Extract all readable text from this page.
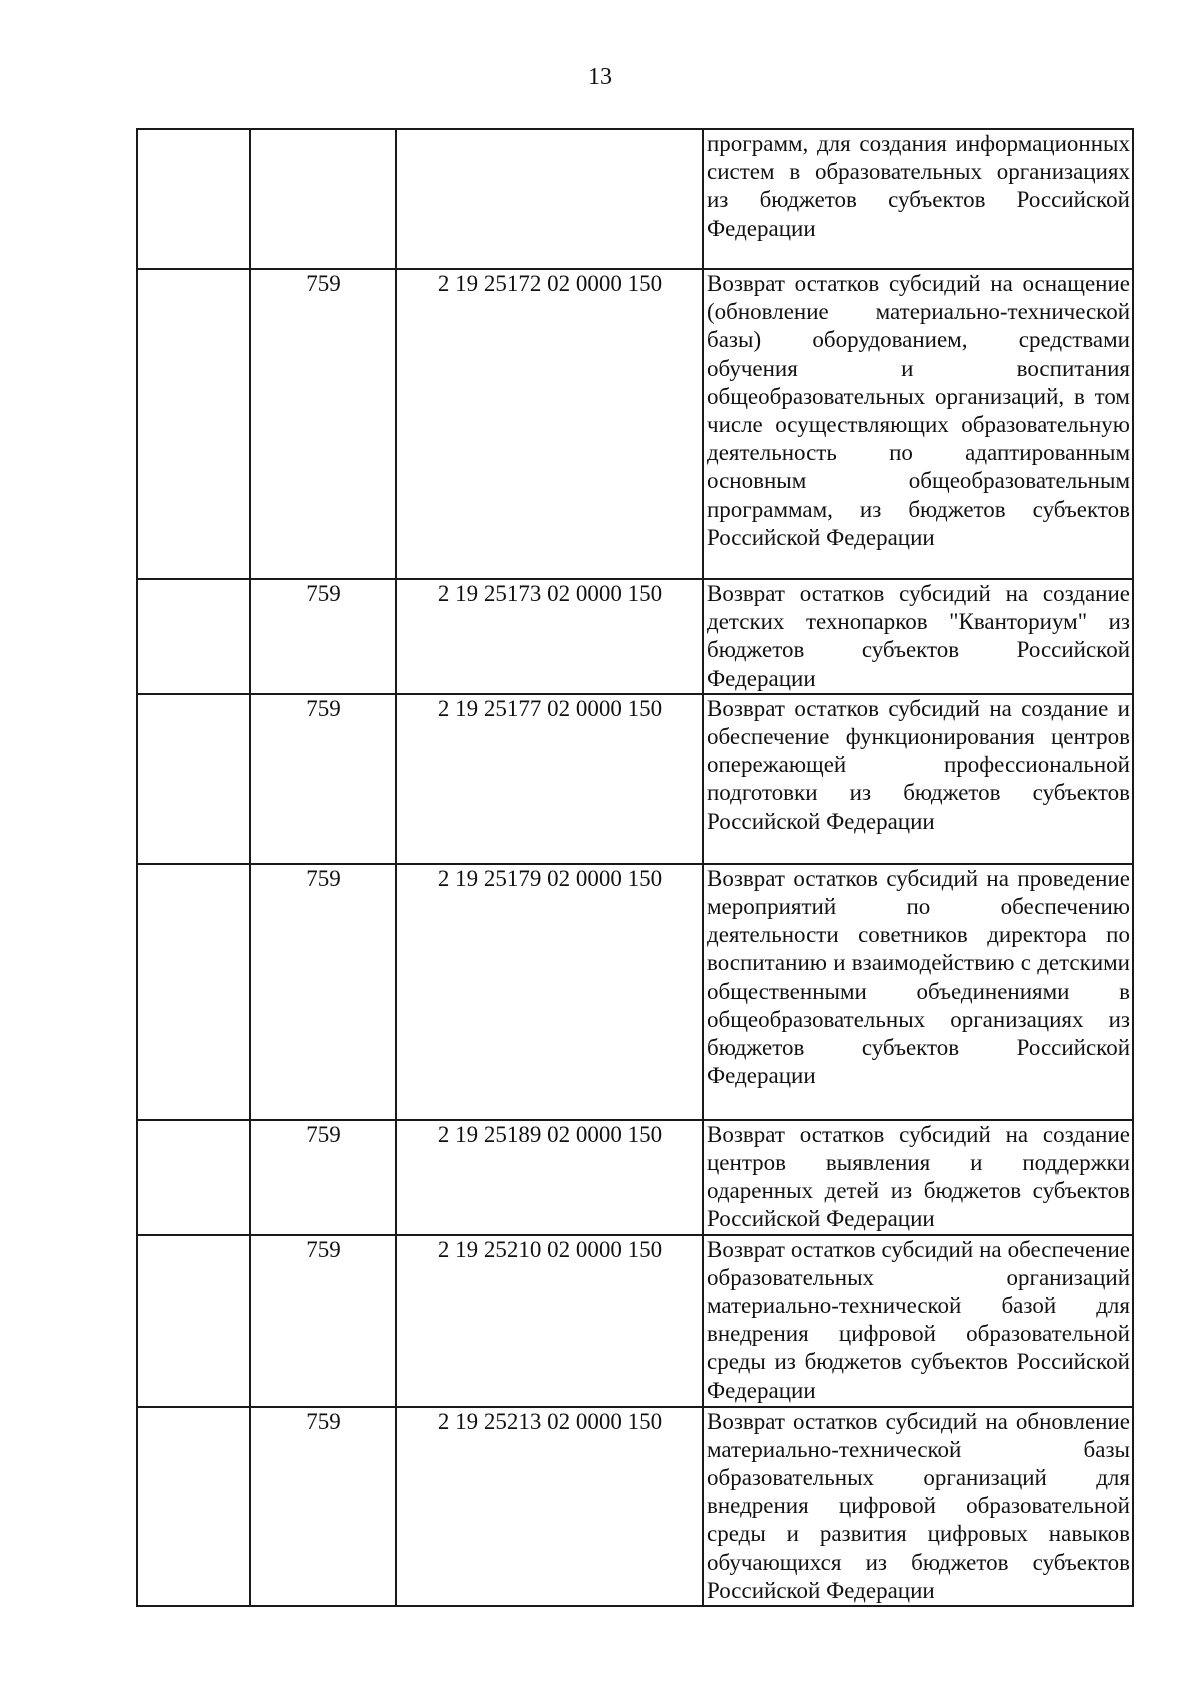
13
			программ, для создания информационных систем в образовательных организациях из бюджетов субъектов Российской Федерации
	759	2 19 25172 02 0000 150	Возврат остатков субсидий на оснащение (обновление материально-технической базы) оборудованием, средствами обучения и воспитания общеобразовательных организаций, в том числе осуществляющих образовательную деятельность по адаптированным основным общеобразовательным программам, из бюджетов субъектов Российской Федерации
	759	2 19 25173 02 0000 150	Возврат остатков субсидий на создание детских технопарков "Кванториум" из бюджетов субъектов Российской Федерации
	759	2 19 25177 02 0000 150	Возврат остатков субсидий на создание и обеспечение функционирования центров опережающей профессиональной подготовки из бюджетов субъектов Российской Федерации
	759	2 19 25179 02 0000 150	Возврат остатков субсидий на проведение мероприятий по обеспечению деятельности советников директора по воспитанию и взаимодействию с детскими общественными объединениями в общеобразовательных организациях из бюджетов субъектов Российской Федерации
	759	2 19 25189 02 0000 150	Возврат остатков субсидий на создание центров выявления и поддержки одаренных детей из бюджетов субъектов Российской Федерации
	759	2 19 25210 02 0000 150	Возврат остатков субсидий на обеспечение образовательных организаций материально-технической базой для внедрения цифровой образовательной среды из бюджетов субъектов Российской Федерации
	759	2 19 25213 02 0000 150	Возврат остатков субсидий на обновление материально-технической базы образовательных организаций для внедрения цифровой образовательной среды и развития цифровых навыков обучающихся из бюджетов субъектов Российской Федерации
